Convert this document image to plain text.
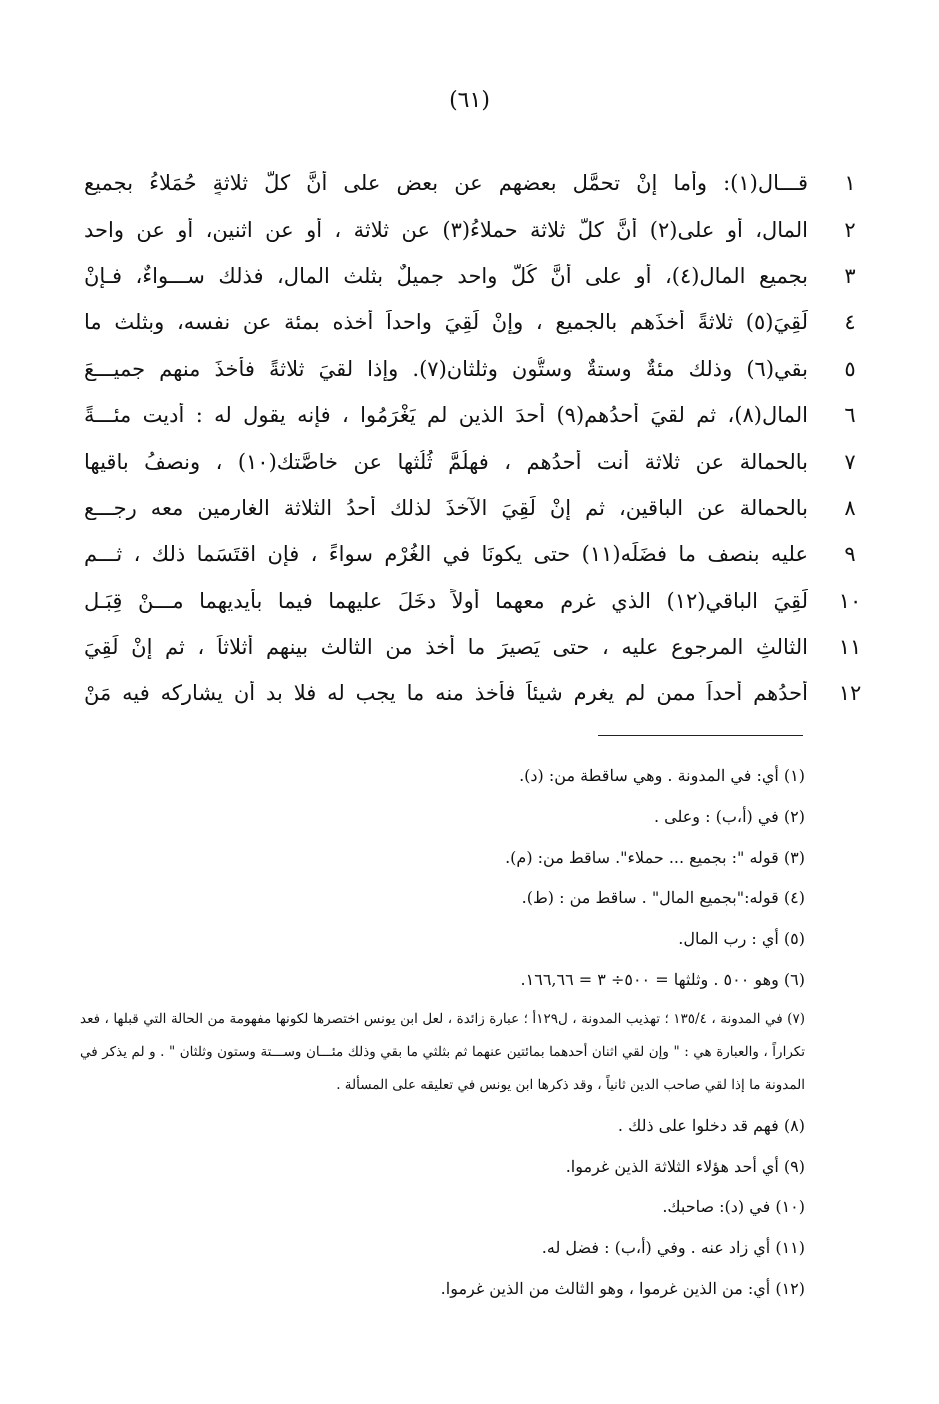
(٦١)
١
قـــال(١): وأما إنْ تحمَّل بعضهم عن بعضٍ على أنَّ كلَّ ثلاثةٍ حُمَلاءُ بجميع
٢
المال، أو على(٢) أنَّ كلَّ ثلاثة حملاءُ(٣) عن ثلاثة ، أو عن اثنين، أو عن واحد
٣
بجميع المال(٤)، أو على أنَّ كُلَّ واحد جميلٌ بثلث المال، فذلك ســـواءٌ، فـإنْ
٤
لَقِيَ(٥) ثلاثةً أخذَهم بالجميع ، وإنْ لَقِيَ واحداً أخذه بمئة عن نفسه، وبثلث ما
٥
بقي(٦) وذلك مئةٌ وستةٌ وستُّون وثلثان(٧). وإذا لقيَ ثلاثةً فأخذَ منهم جميـــعَ
٦
المال(٨)، ثم لقيَ أحدُهم(٩) أحدَ الذين لم يَغْرَمُوا ، فإنه يقول له : أديت مئـــةً
٧
بالحمالة عن ثلاثة أنت أحدُهم ، فهلُمَّ ثُلُثها عن خاصَّتك(١٠) ، ونصفُ باقيها
٨
بالحمالة عن الباقين، ثم إنْ لَقِيَ الآخذَ لذلك أحدُ الثلاثة الغارمين معه رجـــع
٩
عليه بنصف ما فضَلَه(١١) حتى يكونَا في الغُرْمِ سواءً ، فإن اقتَسَما ذلك ، ثـــم
١٠
لَقِيَ الباقي(١٢) الذي غرم معهما أولاً دخَلَ عليهما فيما بأيديهما مـــنْ قِبَـلِ
١١
الثالثِ المرجوعِ عليه ، حتى يَصيرَ ما أُخذ من الثالث بينهم أثلاثاً ، ثم إنْ لَقِيَ
١٢
أحدُهم أحداً ممن لم يغرم شيئاً فأخذ منه ما يجب له فلا بد أن يشاركه فيه مَنْ
(١) أي: في المدونة . وهي ساقطة من: (د).
(٢) في (أ،ب) : وعلى .
(٣) قوله ": بجميع ... حملاء". ساقط من: (م).
(٤) قوله:"بجميع المال" . ساقط من : (ط).
(٥) أي : رب المال.
(٦) وهو ٥٠٠ . وثلثها = ٥٠٠÷ ٣ = ١٦٦,٦٦.
(٧) في المدونة ، ١٣٥/٤ ؛ تهذيب المدونة ، ل١٢٩أ ؛ عبارة زائدة ، لعل ابن يونس اختصرها لكونها مفهومة من الحالة التي قبلها ، فعد تكراراً ، والعبارة هي : " وإن لقي اثنان أحدهما بمائتين عنهما ثم بثلثي ما بقي وذلك مئـــان وســـتة وستون وثلثان " . و لم يذكر في المدونة ما إذا لقي صاحب الدين ثانياً ، وقد ذكرها ابن يونس في تعليقه على المسألة .
(٨) فهم قد دخلوا على ذلك .
(٩) أي أحد هؤلاء الثلاثة الذين غرموا.
(١٠) في (د): صاحبك.
(١١) أي زاد عنه . وفي (أ،ب) : فضل له.
(١٢) أي: من الذين غرموا ، وهو الثالث من الذين غرموا.
